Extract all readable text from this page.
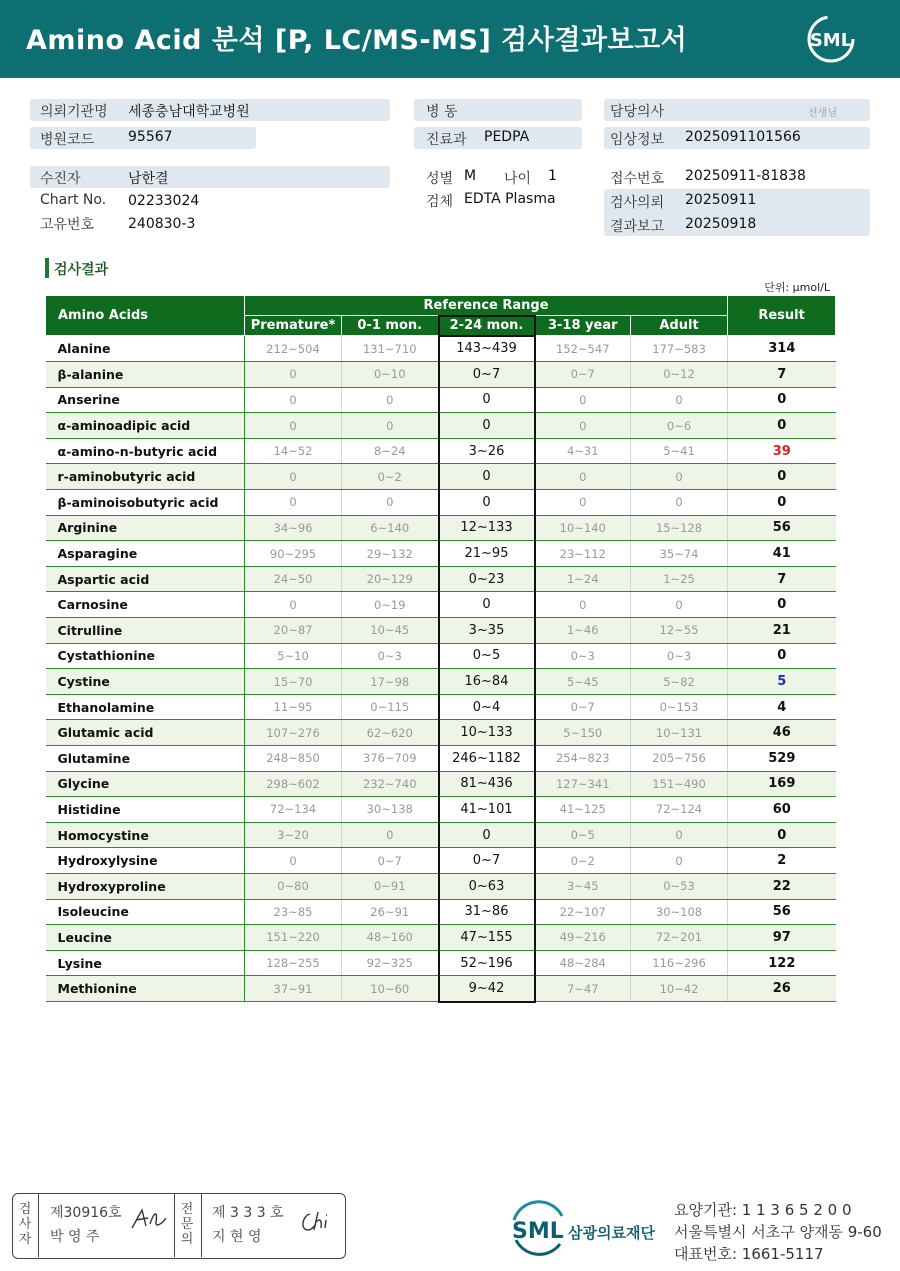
Amino Acid 분석 [P, LC/MS-MS] 검사결과보고서	SML
의뢰기관명 세종충남대학교병원
병원코드 95567
수진자	남한결
Chart No. 02233024
고유번호 240830-3
병 동
진료과 PEDPA
성별 M 나이 1
검체 EDTA Plasma
담당의사	선생님
임상정보 2025091101566
접수번호 20250911-81838
검사의뢰 20250911
결과보고 20250918
검사결과
단위: μmol/L
Amino Acids	Reference Range					Result
	Premature*	0-1 mon.	2-24 mon.	3-18 year	Adult	
Alanine	212~504	131~710	143~439	152~547	177~583	314
β-alanine	0	0~10	0~7	0~7	0~12	7
Anserine	0	0	0	0	0	0
α-aminoadipic acid	0	0	0	0	0~6	0
α-amino-n-butyric acid	14~52	8~24	3~26	4~31	5~41	39
r-aminobutyric acid	0	0~2	0	0	0	0
β-aminoisobutyric acid	0	0	0	0	0	0
Arginine	34~96	6~140	12~133	10~140	15~128	56
Asparagine	90~295	29~132	21~95	23~112	35~74	41
Aspartic acid	24~50	20~129	0~23	1~24	1~25	7
Carnosine	0	0~19	0	0	0	0
Citrulline	20~87	10~45	3~35	1~46	12~55	21
Cystathionine	5~10	0~3	0~5	0~3	0~3	0
Cystine	15~70	17~98	16~84	5~45	5~82	5
Ethanolamine	11~95	0~115	0~4	0~7	0~153	4
Glutamic acid	107~276	62~620	10~133	5~150	10~131	46
Glutamine	248~850	376~709	246~1182	254~823	205~756	529
Glycine	298~602	232~740	81~436	127~341	151~490	169
Histidine	72~134	30~138	41~101	41~125	72~124	60
Homocystine	3~20	0	0	0~5	0	0
Hydroxylysine	0	0~7	0~7	0~2	0	2
Hydroxyproline	0~80	0~91	0~63	3~45	0~53	22
Isoleucine	23~85	26~91	31~86	22~107	30~108	56
Leucine	151~220	48~160	47~155	49~216	72~201	97
Lysine	128~255	92~325	52~196	48~284	116~296	122
Methionine	37~91	10~60	9~42	7~47	10~42	26
검사자
제30916호
박 영 주
전문의
제 3 3 3 호
지 현 영	SML 삼광의료재단
요양기관: 1 1 3 6 5 2 0 0
서울특별시 서초구 양재동 9-60
대표번호: 1661-5117
